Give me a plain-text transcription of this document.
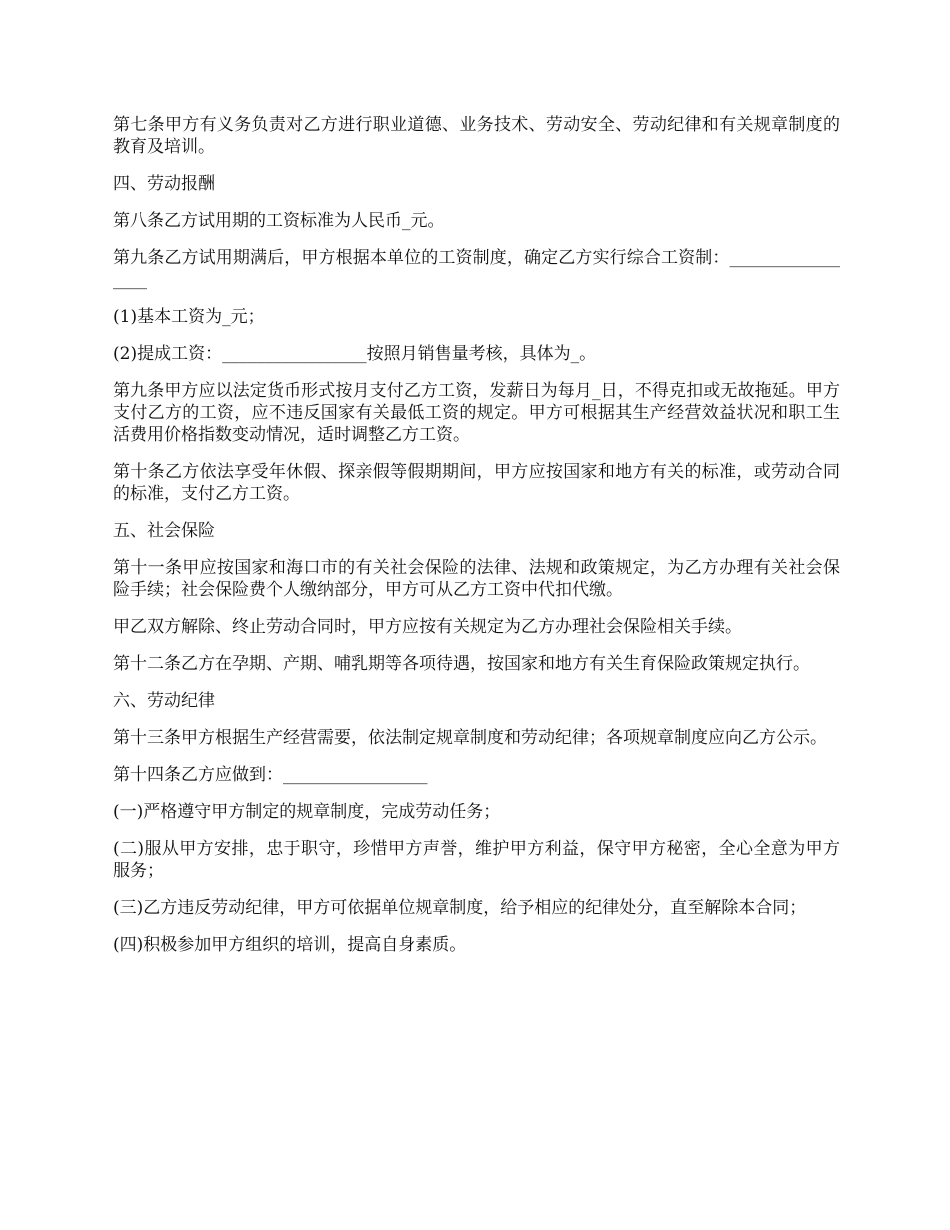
第七条甲方有义务负责对乙方进行职业道德、业务技术、劳动安全、劳动纪律和有关规章制度的教育及培训。

四、劳动报酬

第八条乙方试用期的工资标准为人民币_元。

第九条乙方试用期满后，甲方根据本单位的工资制度，确定乙方实行综合工资制：_________________

(1)基本工资为_元；

(2)提成工资：_________________按照月销售量考核，具体为_。

第九条甲方应以法定货币形式按月支付乙方工资，发薪日为每月_日，不得克扣或无故拖延。甲方支付乙方的工资，应不违反国家有关最低工资的规定。甲方可根据其生产经营效益状况和职工生活费用价格指数变动情况，适时调整乙方工资。

第十条乙方依法享受年休假、探亲假等假期期间，甲方应按国家和地方有关的标准，或劳动合同的标准，支付乙方工资。

五、社会保险

第十一条甲应按国家和海口市的有关社会保险的法律、法规和政策规定，为乙方办理有关社会保险手续；社会保险费个人缴纳部分，甲方可从乙方工资中代扣代缴。

甲乙双方解除、终止劳动合同时，甲方应按有关规定为乙方办理社会保险相关手续。

第十二条乙方在孕期、产期、哺乳期等各项待遇，按国家和地方有关生育保险政策规定执行。

六、劳动纪律

第十三条甲方根据生产经营需要，依法制定规章制度和劳动纪律；各项规章制度应向乙方公示。

第十四条乙方应做到：_________________

(一)严格遵守甲方制定的规章制度，完成劳动任务；

(二)服从甲方安排，忠于职守，珍惜甲方声誉，维护甲方利益，保守甲方秘密，全心全意为甲方服务；

(三)乙方违反劳动纪律，甲方可依据单位规章制度，给予相应的纪律处分，直至解除本合同；

(四)积极参加甲方组织的培训，提高自身素质。
